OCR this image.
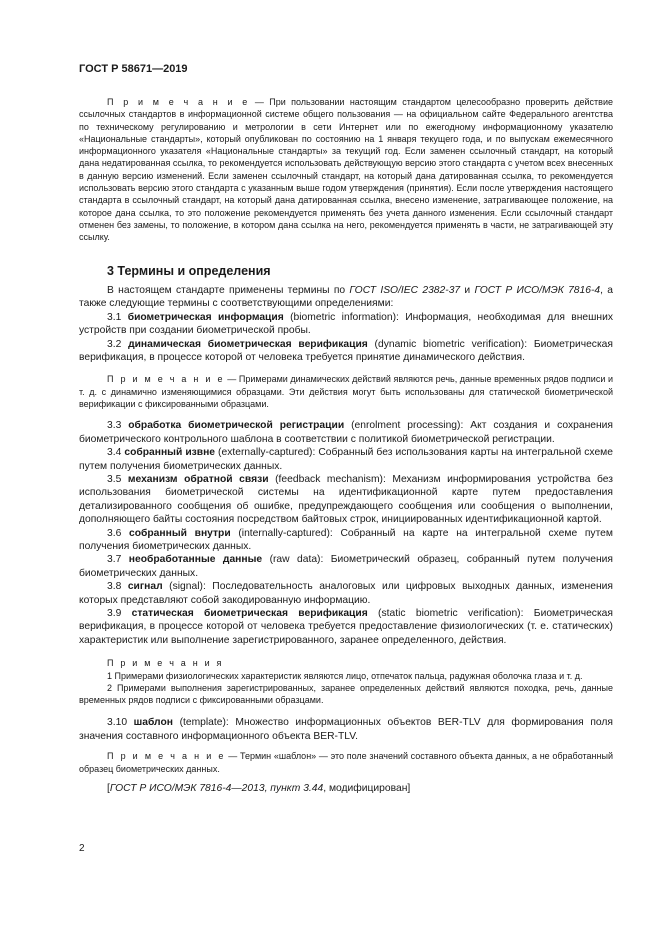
ГОСТ Р 58671—2019

П р и м е ч а н и е — При пользовании настоящим стандартом целесообразно проверить действие ссылочных стандартов в информационной системе общего пользования — на официальном сайте Федерального агентства по техническому регулированию и метрологии в сети Интернет или по ежегодному информационному указателю «Национальные стандарты», который опубликован по состоянию на 1 января текущего года, и по выпускам ежемесячного информационного указателя «Национальные стандарты» за текущий год. Если заменен ссылочный стандарт, на который дана недатированная ссылка, то рекомендуется использовать действующую версию этого стандарта с учетом всех внесенных в данную версию изменений. Если заменен ссылочный стандарт, на который дана датированная ссылка, то рекомендуется использовать версию этого стандарта с указанным выше годом утверждения (принятия). Если после утверждения настоящего стандарта в ссылочный стандарт, на который дана датированная ссылка, внесено изменение, затрагивающее положение, на которое дана ссылка, то это положение рекомендуется применять без учета данного изменения. Если ссылочный стандарт отменен без замены, то положение, в котором дана ссылка на него, рекомендуется применять в части, не затрагивающей эту ссылку.

3 Термины и определения

В настоящем стандарте применены термины по ГОСТ ISO/IEC 2382-37 и ГОСТ Р ИСО/МЭК 7816-4, а также следующие термины с соответствующими определениями:

3.1 биометрическая информация (biometric information): Информация, необходимая для внешних устройств при создании биометрической пробы.

3.2 динамическая биометрическая верификация (dynamic biometric verification): Биометрическая верификация, в процессе которой от человека требуется принятие динамического действия.

П р и м е ч а н и е — Примерами динамических действий являются речь, данные временных рядов подписи и т. д. с динамично изменяющимися образцами. Эти действия могут быть использованы для статической биометрической верификации с фиксированными образцами.

3.3 обработка биометрической регистрации (enrolment processing): Акт создания и сохранения биометрического контрольного шаблона в соответствии с политикой биометрической регистрации.

3.4 собранный извне (externally-captured): Собранный без использования карты на интегральной схеме путем получения биометрических данных.

3.5 механизм обратной связи (feedback mechanism): Механизм информирования устройства без использования биометрической системы на идентификационной карте путем предоставления детализированного сообщения об ошибке, предупреждающего сообщения или сообщения о выполнении, дополняющего байты состояния посредством байтовых строк, инициированных идентификационной картой.

3.6 собранный внутри (internally-captured): Собранный на карте на интегральной схеме путем получения биометрических данных.

3.7 необработанные данные (raw data): Биометрический образец, собранный путем получения биометрических данных.

3.8 сигнал (signal): Последовательность аналоговых или цифровых выходных данных, изменения которых представляют собой закодированную информацию.

3.9 статическая биометрическая верификация (static biometric verification): Биометрическая верификация, в процессе которой от человека требуется предоставление физиологических (т. е. статических) характеристик или выполнение зарегистрированного, заранее определенного, действия.

П р и м е ч а н и я

1 Примерами физиологических характеристик являются лицо, отпечаток пальца, радужная оболочка глаза и т. д.

2 Примерами выполнения зарегистрированных, заранее определенных действий являются походка, речь, данные временных рядов подписи с фиксированными образцами.

3.10 шаблон (template): Множество информационных объектов BER-TLV для формирования поля значения составного информационного объекта BER-TLV.

П р и м е ч а н и е — Термин «шаблон» — это поле значений составного объекта данных, а не обработанный образец биометрических данных.

[ГОСТ Р ИСО/МЭК 7816-4—2013, пункт 3.44, модифицирован]

2
